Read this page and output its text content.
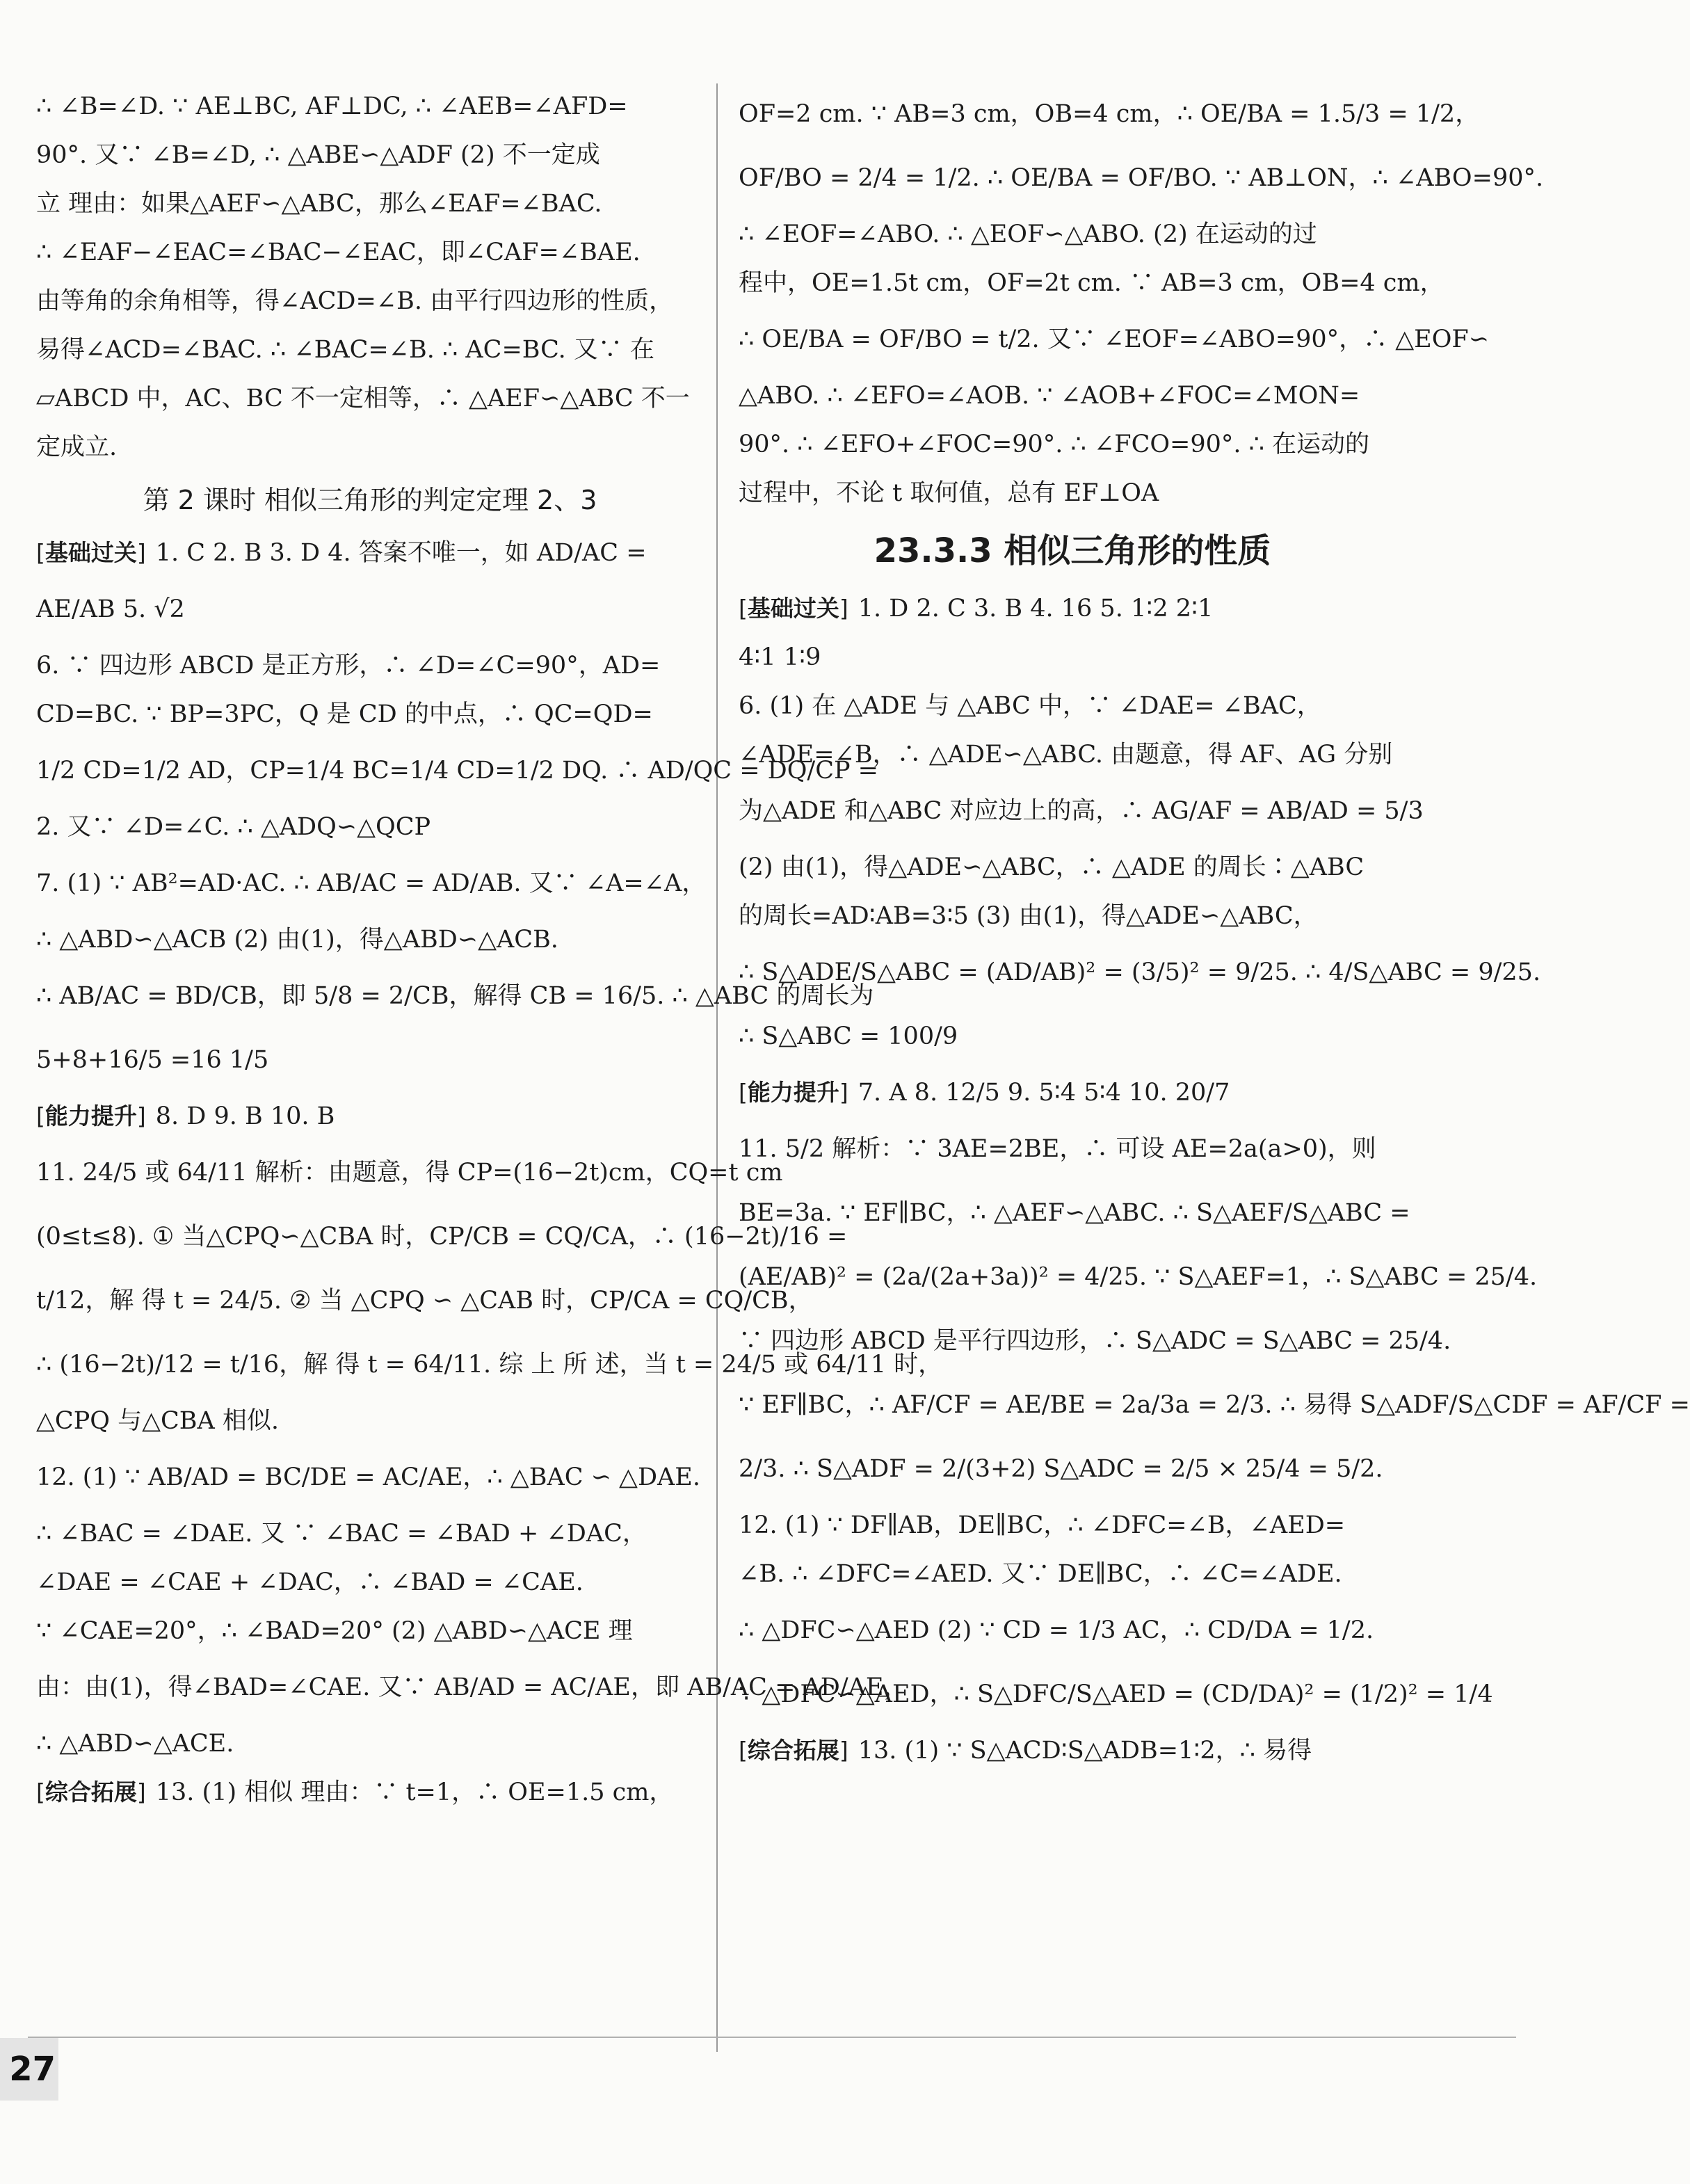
∴ ∠B=∠D. ∵ AE⊥BC, AF⊥DC, ∴ ∠AEB=∠AFD=
90°. 又∵ ∠B=∠D, ∴ △ABE∽△ADF (2) 不一定成
立 理由：如果△AEF∽△ABC，那么∠EAF=∠BAC.
∴ ∠EAF−∠EAC=∠BAC−∠EAC，即∠CAF=∠BAE.
由等角的余角相等，得∠ACD=∠B. 由平行四边形的性质，
易得∠ACD=∠BAC. ∴ ∠BAC=∠B. ∴ AC=BC. 又∵ 在
▱ABCD 中，AC、BC 不一定相等，∴ △AEF∽△ABC 不一
定成立.
第 2 课时 相似三角形的判定定理 2、3
[ 基础过关 ] 1. C 2. B 3. D 4. 答案不唯一，如 AD/AC =
AE/AB 5. √2
6. ∵ 四边形 ABCD 是正方形，∴ ∠D=∠C=90°，AD=
CD=BC. ∵ BP=3PC，Q 是 CD 的中点，∴ QC=QD=
1/2 CD=1/2 AD，CP=1/4 BC=1/4 CD=1/2 DQ. ∴ AD/QC = DQ/CP =
2. 又∵ ∠D=∠C. ∴ △ADQ∽△QCP
7. (1) ∵ AB²=AD·AC. ∴ AB/AC = AD/AB. 又∵ ∠A=∠A，
∴ △ABD∽△ACB (2) 由(1)，得△ABD∽△ACB.
∴ AB/AC = BD/CB，即 5/8 = 2/CB，解得 CB = 16/5. ∴ △ABC 的周长为
5+8+16/5 =16 1/5
[ 能力提升 ] 8. D 9. B 10. B
11. 24/5 或 64/11 解析：由题意，得 CP=(16−2t)cm，CQ=t cm
(0≤t≤8). ① 当△CPQ∽△CBA 时，CP/CB = CQ/CA，∴ (16−2t)/16 =
t/12，解 得 t = 24/5. ② 当 △CPQ ∽ △CAB 时，CP/CA = CQ/CB，
∴ (16−2t)/12 = t/16，解 得 t = 64/11. 综 上 所 述，当 t = 24/5 或 64/11 时，
△CPQ 与△CBA 相似.
12. (1) ∵ AB/AD = BC/DE = AC/AE，∴ △BAC ∽ △DAE.
∴ ∠BAC = ∠DAE. 又 ∵ ∠BAC = ∠BAD + ∠DAC，
∠DAE = ∠CAE + ∠DAC，∴ ∠BAD = ∠CAE.
∵ ∠CAE=20°，∴ ∠BAD=20° (2) △ABD∽△ACE 理
由：由(1)，得∠BAD=∠CAE. 又∵ AB/AD = AC/AE，即 AB/AC = AD/AE，
∴ △ABD∽△ACE.
[ 综合拓展 ] 13. (1) 相似 理由：∵ t=1，∴ OE=1.5 cm，
OF=2 cm. ∵ AB=3 cm，OB=4 cm，∴ OE/BA = 1.5/3 = 1/2，
OF/BO = 2/4 = 1/2. ∴ OE/BA = OF/BO. ∵ AB⊥ON，∴ ∠ABO=90°.
∴ ∠EOF=∠ABO. ∴ △EOF∽△ABO. (2) 在运动的过
程中，OE=1.5t cm，OF=2t cm. ∵ AB=3 cm，OB=4 cm，
∴ OE/BA = OF/BO = t/2. 又∵ ∠EOF=∠ABO=90°，∴ △EOF∽
△ABO. ∴ ∠EFO=∠AOB. ∵ ∠AOB+∠FOC=∠MON=
90°. ∴ ∠EFO+∠FOC=90°. ∴ ∠FCO=90°. ∴ 在运动的
过程中，不论 t 取何值，总有 EF⊥OA
23.3.3 相似三角形的性质
[ 基础过关 ] 1. D 2. C 3. B 4. 16 5. 1∶2 2∶1
4∶1 1∶9
6. (1) 在 △ADE 与 △ABC 中，∵ ∠DAE= ∠BAC，
∠ADE=∠B，∴ △ADE∽△ABC. 由题意，得 AF、AG 分别
为△ADE 和△ABC 对应边上的高，∴ AG/AF = AB/AD = 5/3
(2) 由(1)，得△ADE∽△ABC，∴ △ADE 的周长∶△ABC
的周长=AD∶AB=3∶5 (3) 由(1)，得△ADE∽△ABC，
∴ S△ADE/S△ABC = (AD/AB)² = (3/5)² = 9/25. ∴ 4/S△ABC = 9/25.
∴ S△ABC = 100/9
[ 能力提升 ] 7. A 8. 12/5 9. 5∶4 5∶4 10. 20/7
11. 5/2 解析：∵ 3AE=2BE，∴ 可设 AE=2a(a>0)，则
BE=3a. ∵ EF∥BC，∴ △AEF∽△ABC. ∴ S△AEF/S△ABC =
(AE/AB)² = (2a/(2a+3a))² = 4/25. ∵ S△AEF=1，∴ S△ABC = 25/4.
∵ 四边形 ABCD 是平行四边形，∴ S△ADC = S△ABC = 25/4.
∵ EF∥BC，∴ AF/CF = AE/BE = 2a/3a = 2/3. ∴ 易得 S△ADF/S△CDF = AF/CF =
2/3. ∴ S△ADF = 2/(3+2) S△ADC = 2/5 × 25/4 = 5/2.
12. (1) ∵ DF∥AB，DE∥BC，∴ ∠DFC=∠B，∠AED=
∠B. ∴ ∠DFC=∠AED. 又∵ DE∥BC，∴ ∠C=∠ADE.
∴ △DFC∽△AED (2) ∵ CD = 1/3 AC，∴ CD/DA = 1/2.
∵ △DFC∽△AED，∴ S△DFC/S△AED = (CD/DA)² = (1/2)² = 1/4
[ 综合拓展 ] 13. (1) ∵ S△ACD∶S△ADB=1∶2，∴ 易得
27
